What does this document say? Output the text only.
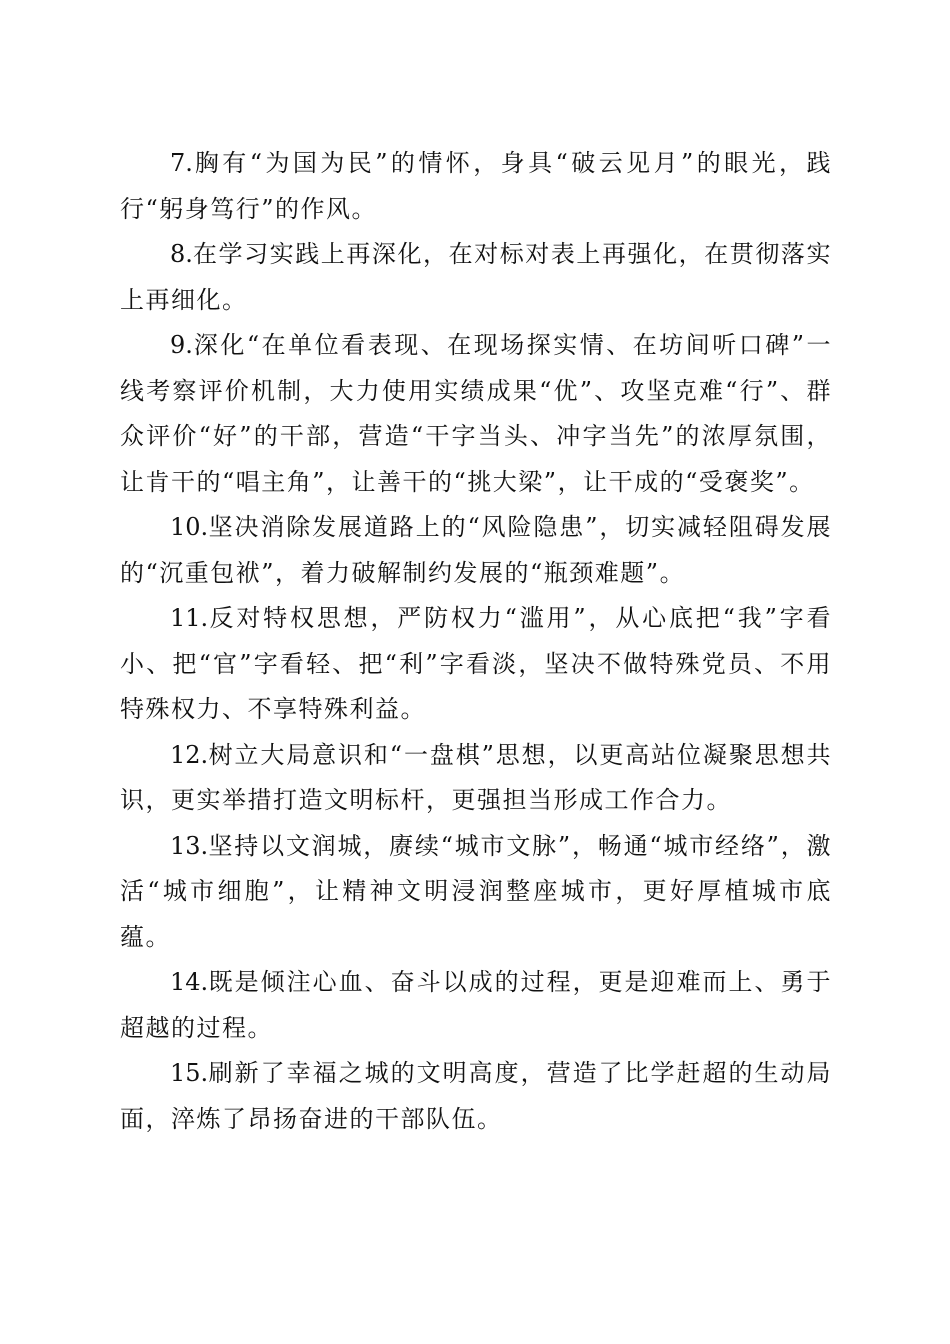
7.胸有“为国为民”的情怀，身具“破云见月”的眼光，践行“躬身笃行”的作风。

8.在学习实践上再深化，在对标对表上再强化，在贯彻落实上再细化。

9.深化“在单位看表现、在现场探实情、在坊间听口碑”一线考察评价机制，大力使用实绩成果“优”、攻坚克难“行”、群众评价“好”的干部，营造“干字当头、冲字当先”的浓厚氛围，让肯干的“唱主角”，让善干的“挑大梁”，让干成的“受褒奖”。

10.坚决消除发展道路上的“风险隐患”，切实减轻阻碍发展的“沉重包袱”，着力破解制约发展的“瓶颈难题”。

11.反对特权思想，严防权力“滥用”，从心底把“我”字看小、把“官”字看轻、把“利”字看淡，坚决不做特殊党员、不用特殊权力、不享特殊利益。

12.树立大局意识和“一盘棋”思想，以更高站位凝聚思想共识，更实举措打造文明标杆，更强担当形成工作合力。

13.坚持以文润城，赓续“城市文脉”，畅通“城市经络”，激活“城市细胞”，让精神文明浸润整座城市，更好厚植城市底蕴。

14.既是倾注心血、奋斗以成的过程，更是迎难而上、勇于超越的过程。

15.刷新了幸福之城的文明高度，营造了比学赶超的生动局面，淬炼了昂扬奋进的干部队伍。
